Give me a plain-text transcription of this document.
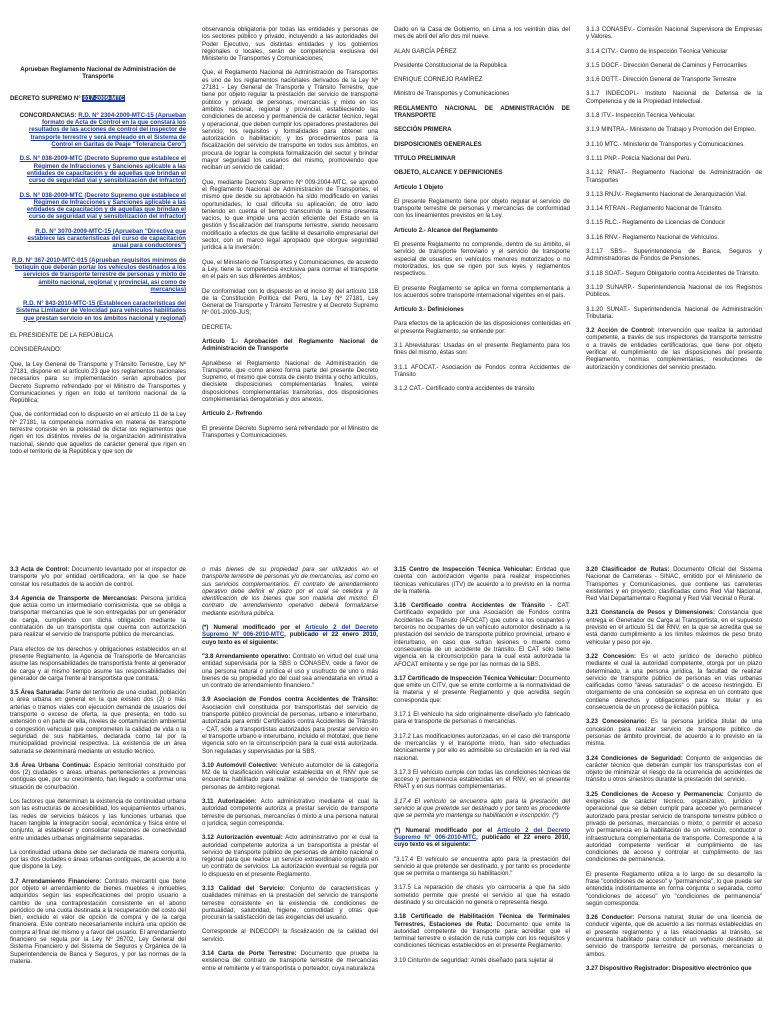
Aprueban Reglamento Nacional de Administración de Transporte

DECRETO SUPREMO N° 017-2009-MTC

CONCORDANCIAS: R.D. N° 2304-2009-MTC-15 (Aprueban formato de Acta de Control en la que constará los resultados de las acciones de control del inspector de transporte terrestre y será empleado en el Sistema de Control en Garitas de Peaje "Tolerancia Cero")

D.S. N° 038-2009-MTC (Decreto Supremo que establece el Régimen de Infracciones y Sanciones aplicable a las entidades de capacitación y de aquellas que brindan el curso de seguridad vial y sensibilización del infractor)

D.S. N° 038-2009-MTC (Decreto Supremo que establece el Régimen de Infracciones y Sanciones aplicable a las entidades de capacitación y de aquellas que brindan el curso de seguridad vial y sensibilización del infractor)

R.D. N° 3070-2009-MTC-15 (Aprueban "Directiva que establece las características del curso de capacitación anual para conductores")

R.D. N° 367-2010-MTC-015 (Aprueban requisitos mínimos de botiquín que deberán portar los vehículos destinados a los servicios de transporte terrestre de personas y mixto de ámbito nacional, regional y provincial, así como de mercancías)

R.D. N° 843-2010-MTC-15 (Establecen características del Sistema Limitador de Velocidad para vehículos habilitados que prestan servicio en los ámbitos nacional y regional)

EL PRESIDENTE DE LA REPÚBLICA

CONSIDERANDO:

Que, la Ley General de Transporte y Tránsito Terrestre, Ley Nº 27181, dispone en el artículo 23 que los reglamentos nacionales necesarios para su implementación serán aprobados por Decreto Supremo refrendado por el Ministro de Transportes y Comunicaciones y rigen en todo el territorio nacional de la República;

Que, de conformidad con lo dispuesto en el artículo 11 de la Ley Nº 27181, la competencia normativa en materia de transporte terrestre consiste en la potestad de dictar los reglamentos que rigen en los distintos niveles de la organización administrativa nacional, siendo que aquellos de carácter general que rigen en todo el territorio de la República y que son de

observancia obligatoria por todas las entidades y personas de los sectores público y privado, incluyendo a las autoridades del Poder Ejecutivo, sus distintas entidades y los gobiernos regionales o locales, serán de competencia exclusiva del Ministerio de Transportes y Comunicaciones;

Que, el Reglamento Nacional de Administración de Transportes es uno de los reglamentos nacionales derivados de la Ley Nº 27181 - Ley General de Transporte y Tránsito Terrestre, que tiene por objeto regular la prestación del servicio de transporte público y privado de personas, mercancías y mixto en los ámbitos nacional, regional y provincial, estableciendo las condiciones de acceso y permanencia de carácter técnico, legal y operacional, que deben cumplir los operadores prestadores del servicio; los requisitos y formalidades para obtener una autorización o habilitación; y los procedimientos para la fiscalización del servicio de transporte en todos sus ámbitos, en procura de lograr la completa formalización del sector y brindar mayor seguridad los usuarios del mismo, promoviendo que reciban un servicio de calidad;

Que, mediante Decreto Supremo Nº 009-2004-MTC, se aprobó el Reglamento Nacional de Administración de Transportes, el mismo que desde su aprobación ha sido modificado en varias oportunidades, lo cual dificulta su aplicación; de otro lado teniendo en cuenta el tiempo transcurrido la norma presenta vacíos, lo que impide una acción eficiente del Estado en la gestión y fiscalización del transporte terrestre, siendo necesario modificarlo a efectos de que facilite el desarrollo empresarial del sector, con un marco legal apropiado que otorgue seguridad jurídica a la inversión;

Que, el Ministerio de Transportes y Comunicaciones, de acuerdo a Ley, tiene la competencia exclusiva para normar el transporte en el país en sus diferentes ámbitos;

De conformidad con lo dispuesto en el inciso 8) del artículo 118 de la Constitución Política del Perú, la Ley Nº 27181, Ley General de Transporte y Tránsito Terrestre y el Decreto Supremo Nº 001-2009-JUS;

DECRETA:

Artículo 1.- Aprobación del Reglamento Nacional de Administración de Transporte

Apruébese el Reglamento Nacional de Administración de Transporte, que como anexo forma parte del presente Decreto Supremo, el mismo que consta de ciento treinta y ocho artículos, diecisiete disposiciones complementarias finales, veinte disposiciones complementarias transitorias, dos disposiciones complementarias derogatorias y dos anexos.

Artículo 2.- Refrendo

El presente Decreto Supremo será refrendado por el Ministro de Transportes y Comunicaciones.

Dado en la Casa de Gobierno, en Lima a los veintiún días del mes de abril del año dos mil nueve.

ALAN GARCÍA PÉREZ

Presidente Constitucional de la República

ENRIQUE CORNEJO RAMÍREZ

Ministro de Transportes y Comunicaciones

REGLAMENTO NACIONAL DE ADMINISTRACIÓN DE TRANSPORTE

SECCIÓN PRIMERA

DISPOSICIONES GENERALES

TITULO PRELIMINAR

OBJETO, ALCANCE Y DEFINICIONES

Artículo 1 Objeto

El presente Reglamento tiene por objeto regular el servicio de transporte terrestre de personas y mercancías de conformidad con los lineamientos previstos en la Ley.

Artículo 2.- Alcance del Reglamento

El presente Reglamento no comprende, dentro de su ámbito, el servicio de transporte ferroviario y el servicio de transporte especial de usuarios en vehículos menores motorizados o no motorizados, los que se rigen por sus leyes y reglamentos respectivos.

El presente Reglamento se aplica en forma complementaria a los acuerdos sobre transporte internacional vigentes en el país.

Artículo 3.- Definiciones

Para efectos de la aplicación de las disposiciones contenidas en el presente Reglamento, se entiende por:

3.1 Abreviaturas: Usadas en el presente Reglamento para los fines del mismo, éstas son:

3.1.1 AFOCAT.- Asociación de Fondos contra Accidentes de Tránsito

3.1.2 CAT.- Certificado contra accidentes de tránsito

3.1.3 CONASEV.- Comisión Nacional Supervisora de Empresas y Valores.

3.1.4 CITV.- Centro de Inspección Técnica Vehicular

3.1.5 DGCF.- Dirección General de Caminos y Ferrocarriles

3.1.6 DGTT.- Dirección General de Transporte Terrestre

3.1.7 INDECOPI.- Instituto Nacional de Defensa de la Competencia y de la Propiedad Intelectual.

3.1.8 ITV.- Inspección Técnica Vehicular.

3.1.9 MINTRA.- Ministerio de Trabajo y Promoción del Empleo.

3.1.10 MTC.- Ministerio de Transportes y Comunicaciones.

3.1.11 PNP.- Policía Nacional del Perú.

3.1.12 RNAT.- Reglamento Nacional de Administración de Transportes

3.1.13 RNJV.- Reglamento Nacional de Jerarquización Vial.

3.1.14 RTRAN.- Reglamento Nacional de Tránsito.

3.1.15 RLC.- Reglamento de Licencias de Conducir

3.1.16 RNV.- Reglamento Nacional de Vehículos.

3.1.17 SBS.- Superintendencia de Banca, Seguros y Administradoras de Fondos de Pensiones.

3.1.18 SOAT.- Seguro Obligatorio contra Accidentes de Tránsito.

3.1.19 SUNARP.- Superintendencia Nacional de los Registros Públicos.

3.1.20 SUNAT.- Superintendencia Nacional de Administración Tributaria.

3.2 Acción de Control: Intervención que realiza la autoridad competente, a través de sus inspectores de transporte terrestre o a través de entidades certificadoras, que tiene por objeto verificar el cumplimiento de las disposiciones del presente Reglamento, normas complementarias, resoluciones de autorización y condiciones del servicio prestado.

3.3 Acta de Control: Documento levantado por el inspector de transporte y/o por entidad certificadora, en la que se hace constar los resultados de la acción de control.

3.4 Agencia de Transporte de Mercancías: Persona jurídica que actúa como un intermediario comisionista, que se obliga a transportar mercancías que le son entregadas por un generador de carga, cumpliendo con dicha obligación mediante la contratación de un transportista que cuenta con autorización para realizar el servicio de transporte público de mercancías.

Para efectos de los derechos y obligaciones establecidos en el presente Reglamento, la Agencia de Transporte de Mercancías asume las responsabilidades de transportista frente al generador de carga y al mismo tiempo asume las responsabilidades del generador de carga frente al transportista que contrata.

3.5 Área Saturada: Parte del territorio de una ciudad, población o área urbana en general en la que existen dos (2) o más arterias o tramos viales con ejecución demanda de usuarios del transporte o exceso de oferta, la que presenta, en todo su extensión o en parte de ella, niveles de contaminación ambiental o congestión vehicular que comprometen la calidad de vida o la seguridad de sus habitantes, declarada como tal por la municipalidad provincial respectiva. La existencia de un área saturada se determinará mediante un estudio técnico.

3.6 Área Urbana Continua: Espacio territorial constituido por dos (2) ciudades o áreas urbanas pertenecientes a provincias contiguas que, por su crecimiento, han llegado a conformar una situación de conurbación.

Los factores que determinan la existencia de continuidad urbana son las estructuras de accesibilidad, los equipamientos urbanos, las redes de servicios básicos y las funciones urbanas que hacen tangible la integración social, económica y física entre el conjunto, al establecer y consolidar relaciones de conectividad entre unidades urbanas originalmente separadas.

La continuidad urbana debe ser declarada de manera conjunta, por las dos ciudades o áreas urbanas contiguas, de acuerdo a lo que dispone la Ley.

3.7 Arrendamiento Financiero: Contrato mercantil que tiene por objeto el arrendamiento de bienes muebles e inmuebles adquiridos según las especificaciones del propio usuario a cambio de una contraprestación consistente en el abono periódico de una cuota destinada a la recuperación del costo del bien, excluido el valor de opción de compra y de la carga financiera. Este contrato necesariamente incluirá una opción de compra al final del mismo y a favor del usuario. El arrendamiento financiero se regula por la Ley Nº 26702, Ley General del Sistema Financiero y del Sistema de Seguros y Orgánica de la Superintendencia de Banca y Seguros, y por las normas de la materia.

o más bienes de su propiedad para ser utilizados en el transporte terrestre de personas y/o de mercancías, así como en sus servicios complementarios. El contrato de arrendamiento operativo debe definir el plazo por el cual se celebra y la identificación de los bienes que son materia del mismo. El contrato de arrendamiento operativo deberá formalizarse mediante escritura pública.

(*) Numeral modificado por el Artículo 2 del Decreto Supremo N° 006-2010-MTC, publicado el 22 enero 2010, cuyo texto es el siguiente:

"3.8 Arrendamiento operativo: Contrato en virtud del cual una entidad supervisada por la SBS o CONASEV, cede a favor de una persona natural o jurídica el uso y usufructo de uno o más bienes de su propiedad y/o del cual sea arrendataria en virtud a un contrato de arrendamiento financiero."

3.9 Asociación de Fondos contra Accidentes de Tránsito: Asociación civil constituida por transportistas del servicio de transporte público provincial de personas, urbano e interurbano, autorizada para emitir Certificados contra Accidentes de Tránsito - CAT, sólo a transportistas autorizados para prestar servicio en el transporte urbano e interurbano, incluido el mototaxi, que tiene vigencia sólo en la circunscripción para la cual está autorizada. Son reguladas y supervisadas por la SBS.

3.10 Automóvil Colectivo: Vehículo automotor de la categoría M2 de la clasificación vehicular establecida en el RNV que se encuentra habilitado para realizar el servicio de transporte de personas de ámbito regional.

3.11 Autorización: Acto administrativo mediante el cual la autoridad competente autoriza a prestar servicio de transporte terrestre de personas, mercancías ó mixto a una persona natural o jurídica, según corresponda.

3.12 Autorización eventual: Acto administrativo por el cual la autoridad competente autoriza a un transportista a prestar el servicio de transporte público de personas de ámbito nacional o regional para que realice un servicio extraordinario originado en un contrato de servicios. La autorización eventual se regula por lo dispuesto en el presente Reglamento.

3.13 Calidad del Servicio: Conjunto de características y cualidades mínimas en la prestación del servicio de transporte terrestre consistente en la existencia de condiciones de puntualidad, salubridad, higiene, comodidad y otras que procuran la satisfacción de las exigencias del usuario.

Corresponde al INDECOPI la fiscalización de la calidad del servicio.

3.14 Carta de Porte Terrestre: Documento que prueba la existencia del contrato de transporte terrestre de mercancías entre el remitente y el transportista o porteador, cuya naturaleza

3.15 Centro de Inspección Técnica Vehicular: Entidad que cuenta con autorización vigente para realizar inspecciones técnicas vehiculares (ITV) de acuerdo a lo previsto en la norma de la materia.

3.16 Certificado contra Accidentes de Tránsito - CAT: Certificado expedido por una Asociación de Fondos contra Accidentes de Tránsito (AFOCAT) que cubre a los ocupantes y terceros no ocupantes de un vehículo automotor destinado a la prestación del servicio de transporte público provincial, urbano e interurbano, en caso que sufran lesiones o muerte como consecuencia de un accidente de tránsito. El CAT sólo tiene vigencia en la circunscripción para la cual está autorizada la AFOCAT emitente y se rige por las normas de la SBS.

3.17 Certificado de Inspección Técnica Vehicular: Documento que emite un CITV, que se emite conforme a la normatividad de la materia y el presente Reglamento y que acredita según corresponda que:

3.17.1 El vehículo ha sido originalmente diseñado y/o fabricado para el transporte de personas ó mercancías.

3.17.2 Las modificaciones autorizadas, en el caso del transporte de mercancías y el transporte mixto, han sido efectuadas técnicamente y por ello es admisible su circulación en la red vial nacional.

3.17.3 El vehículo cumple con todas las condiciones técnicas de acceso y permanencia establecidas en el RNV, en el presente RNAT y en sus normas complementarias.

3.17.4 El vehículo se encuentra apto para la prestación del servicio al que pretende ser destinado y por tanto es procedente que se permita y/o mantenga su habilitación e inscripción. (*)

(*) Numeral modificado por el Artículo 2 del Decreto Supremo N° 006-2010-MTC, publicado el 22 enero 2010, cuyo texto es el siguiente:

"3.17.4 El vehículo se encuentra apto para la prestación del servicio al que pretende ser destinado, y por tanto es procedente que se permita o mantenga su habilitación."

3.17.5 La reparación de chasis y/o carrocería a que ha sido sometido permite que preste el servicio al que ha estado destinado y su circulación no genera o representa riesgo.

3.18 Certificado de Habilitación Técnica de Terminales Terrestres, Estaciones de Ruta: Documento que emite la autoridad competente de transporte para acreditar que el terminal terrestre o estación de ruta cumple con los requisitos y condiciones técnicas establecidos en el presente Reglamento.

3.19 Cinturón de seguridad: Arnés diseñado para sujetar al

3.20 Clasificador de Rutas: Documento Oficial del Sistema Nacional de Carreteras - SINAC, emitido por el Ministerio de Transportes y Comunicaciones, que contiene las carreteras existentes y en proyecto, clasificadas como Red Vial Nacional, Red Vial Departamental o Regional y Red Vial Vecinal o Rural.

3.21 Constancia de Pesos y Dimensiones: Constancia que entrega el Generador de Carga al Transportista, en el supuesto previsto en el artículo 51 del RNV, en la que se acredita que se está dando cumplimiento a los límites máximos de peso bruto vehicular y peso por eje.

3.22 Concesión: Es el acto jurídico de derecho público mediante el cual la autoridad competente, otorga por un plazo determinado, a una persona jurídica, la facultad de realizar servicio de transporte público de personas en vías urbanas calificadas como "áreas saturadas" o de acceso restringido. El otorgamiento de una concesión se expresa en un contrato que contiene derechos y obligaciones para su titular y es consecuencia de un proceso de licitación pública.

3.23 Concesionario: Es la persona jurídica titular de una concesión para realizar servicio de transporte público de personas de ámbito provincial, de acuerdo a lo previsto en la misma.

3.24 Condiciones de Seguridad: Conjunto de exigencias de carácter técnico que deberán cumplir los transportistas con el objeto de minimizar el riesgo de la ocurrencia de accidentes de tránsito u otros siniestros durante la prestación del servicio.

3.25 Condiciones de Acceso y Permanencia: Conjunto de exigencias de carácter técnico, organizativo, jurídico y operacional que se deben cumplir para acceder y/o permanecer autorizado para prestar servicio de transporte terrestre público o privado de personas, mercancías o mixto; o permitir el acceso y/o permanencia en la habilitación de un vehículo, conductor o infraestructura complementaria de transporte. Corresponde a la autoridad competente verificar el cumplimiento de las condiciones de acceso y controlar el cumplimiento de las condiciones de permanencia.

El presente Reglamento utiliza a lo largo de su desarrollo la frase "condiciones de acceso" y "permanencia", lo que puede ser entendida indistintamente en forma conjunta o separada, como "condiciones de acceso" y/o "condiciones de permanencia" según corresponda.

3.26 Conductor: Persona natural, titular de una licencia de conducir vigente, que de acuerdo a las normas establecidas en el presente reglamento y a las relacionadas al tránsito, se encuentra habilitado para conducir un vehículo destinado al servicio de transporte terrestre de personas, mercancías o ambos.

3.27 Dispositivo Registrador: Dispositivo electrónico que
